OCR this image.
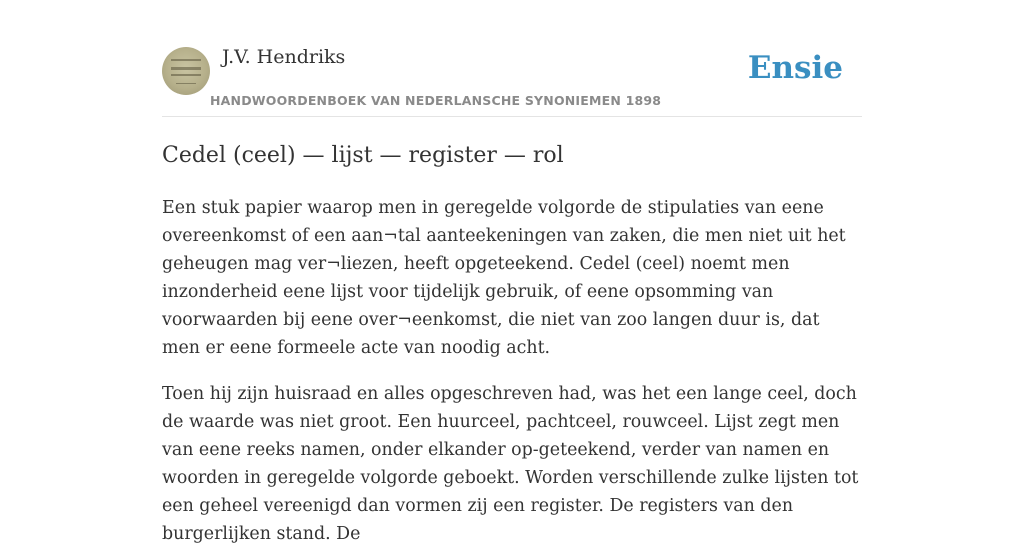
J.V. Hendriks
HANDWOORDENBOEK VAN NEDERLANSCHE SYNONIEMEN 1898
Ensie
Cedel (ceel) — lijst — register — rol

Een stuk papier waarop men in geregelde volgorde de stipulaties van eene overeenkomst of een aan¬tal aanteekeningen van zaken, die men niet uit het geheugen mag ver¬liezen, heeft opgeteekend. Cedel (ceel) noemt men inzonderheid eene lijst voor tijdelijk gebruik, of eene opsomming van voorwaarden bij eene over¬eenkomst, die niet van zoo langen duur is, dat men er eene formeele acte van noodig acht.

Toen hij zijn huisraad en alles opgeschreven had, was het een lange ceel, doch de waarde was niet groot. Een huurceel, pachtceel, rouwceel. Lijst zegt men van eene reeks namen, onder elkander op-geteekend, verder van namen en woorden in geregelde volgorde geboekt. Worden verschillende zulke lijsten tot een geheel vereenigd dan vormen zij een register. De registers van den burgerlijken stand. De
